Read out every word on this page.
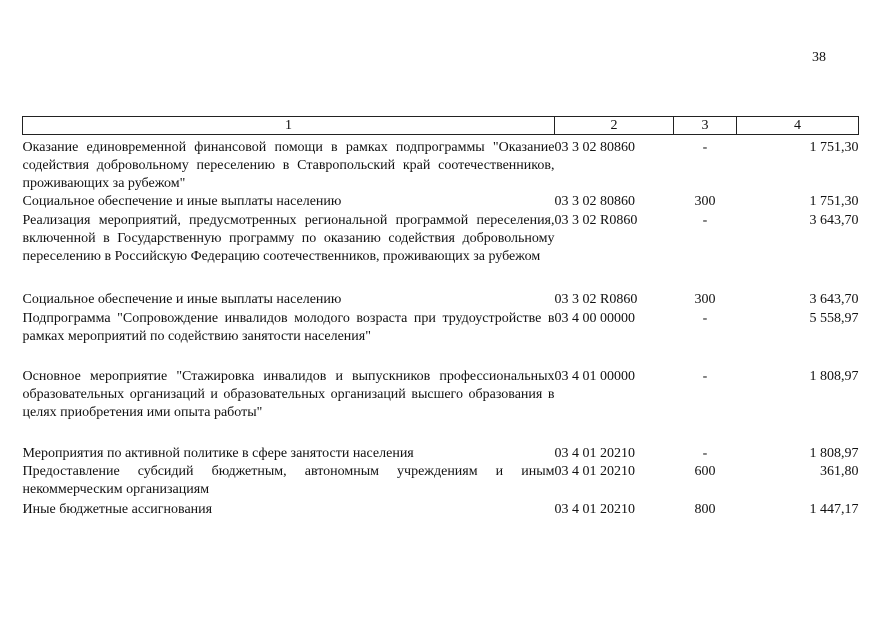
38
1	2	3	4
Оказание единовременной финансовой помощи в рамках подпрограммы "Оказание содействия добровольному переселению в Ставропольский край соотечественников, проживающих за рубежом"	03 3 02 80860	-	1 751,30
Социальное обеспечение и иные выплаты населению	03 3 02 80860	300	1 751,30
Реализация мероприятий, предусмотренных региональной программой переселения, включенной в Государственную программу по оказанию содействия добровольному переселению в Российскую Федерацию соотечественников, проживающих за рубежом	03 3 02 R0860	-	3 643,70
Социальное обеспечение и иные выплаты населению	03 3 02 R0860	300	3 643,70
Подпрограмма "Сопровождение инвалидов молодого возраста при трудоустройстве в рамках мероприятий по содействию занятости населения"	03 4 00 00000	-	5 558,97
Основное мероприятие "Стажировка инвалидов и выпускников профессиональных образовательных организаций и образовательных организаций высшего образования в целях приобретения ими опыта работы"	03 4 01 00000	-	1 808,97
Мероприятия по активной политике в сфере занятости населения	03 4 01 20210	-	1 808,97
Предоставление субсидий бюджетным, автономным учреждениям и иным некоммерческим организациям	03 4 01 20210	600	361,80
Иные бюджетные ассигнования	03 4 01 20210	800	1 447,17
